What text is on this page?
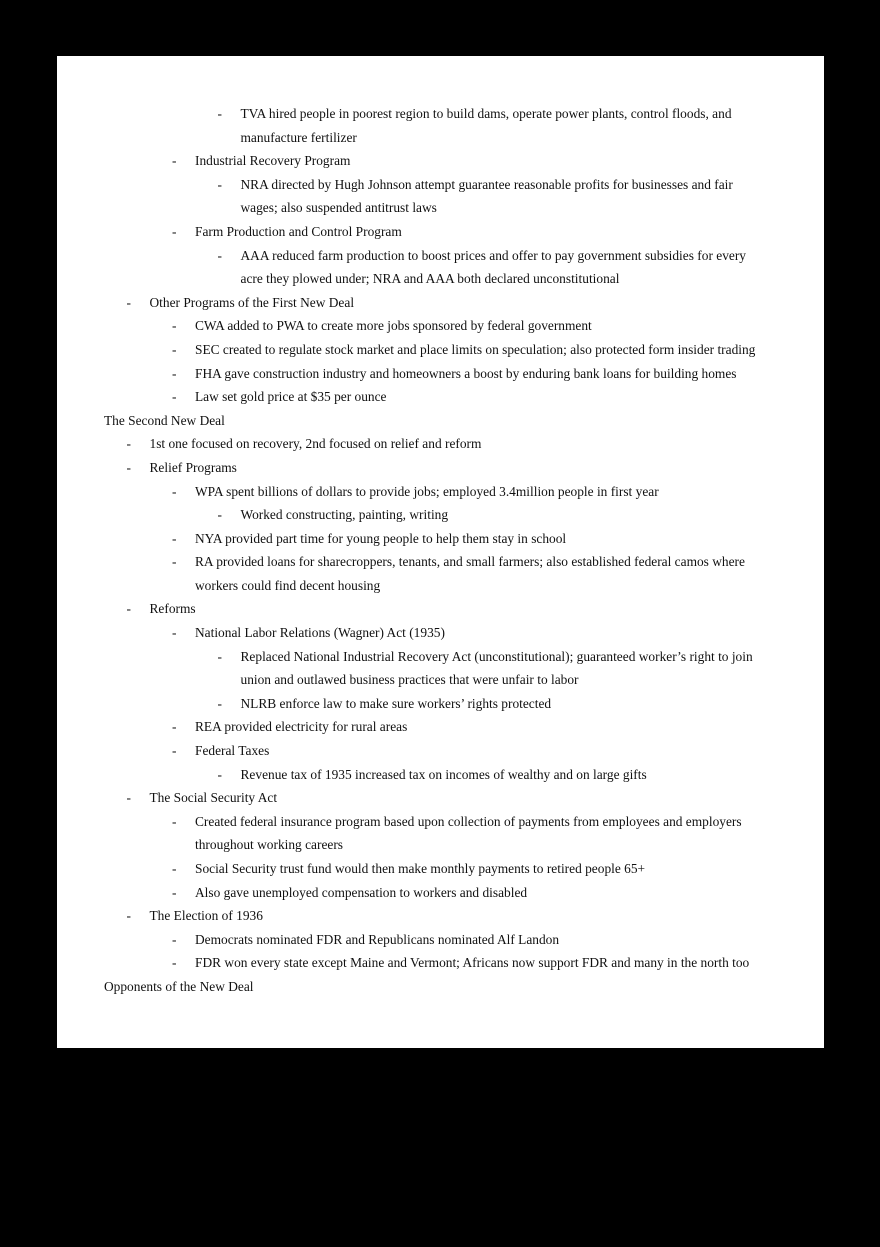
- TVA hired people in poorest region to build dams, operate power plants, control floods, and
manufacture fertilizer
- Industrial Recovery Program
- NRA directed by Hugh Johnson attempt guarantee reasonable profits for businesses and fair
wages; also suspended antitrust laws
- Farm Production and Control Program
- AAA reduced farm production to boost prices and offer to pay government subsidies for every
acre they plowed under; NRA and AAA both declared unconstitutional
- Other Programs of the First New Deal
- CWA added to PWA to create more jobs sponsored by federal government
- SEC created to regulate stock market and place limits on speculation; also protected form insider trading
- FHA gave construction industry and homeowners a boost by enduring bank loans for building homes
- Law set gold price at $35 per ounce
The Second New Deal
- 1st one focused on recovery, 2nd focused on relief and reform
- Relief Programs
- WPA spent billions of dollars to provide jobs; employed 3.4million people in first year
- Worked constructing, painting, writing
- NYA provided part time for young people to help them stay in school
- RA provided loans for sharecroppers, tenants, and small farmers; also established federal camos where
workers could find decent housing
- Reforms
- National Labor Relations (Wagner) Act (1935)
- Replaced National Industrial Recovery Act (unconstitutional); guaranteed worker’s right to join
union and outlawed business practices that were unfair to labor
- NLRB enforce law to make sure workers’ rights protected
- REA provided electricity for rural areas
- Federal Taxes
- Revenue tax of 1935 increased tax on incomes of wealthy and on large gifts
- The Social Security Act
- Created federal insurance program based upon collection of payments from employees and employers
throughout working careers
- Social Security trust fund would then make monthly payments to retired people 65+
- Also gave unemployed compensation to workers and disabled
- The Election of 1936
- Democrats nominated FDR and Republicans nominated Alf Landon
- FDR won every state except Maine and Vermont; Africans now support FDR and many in the north too
Opponents of the New Deal
